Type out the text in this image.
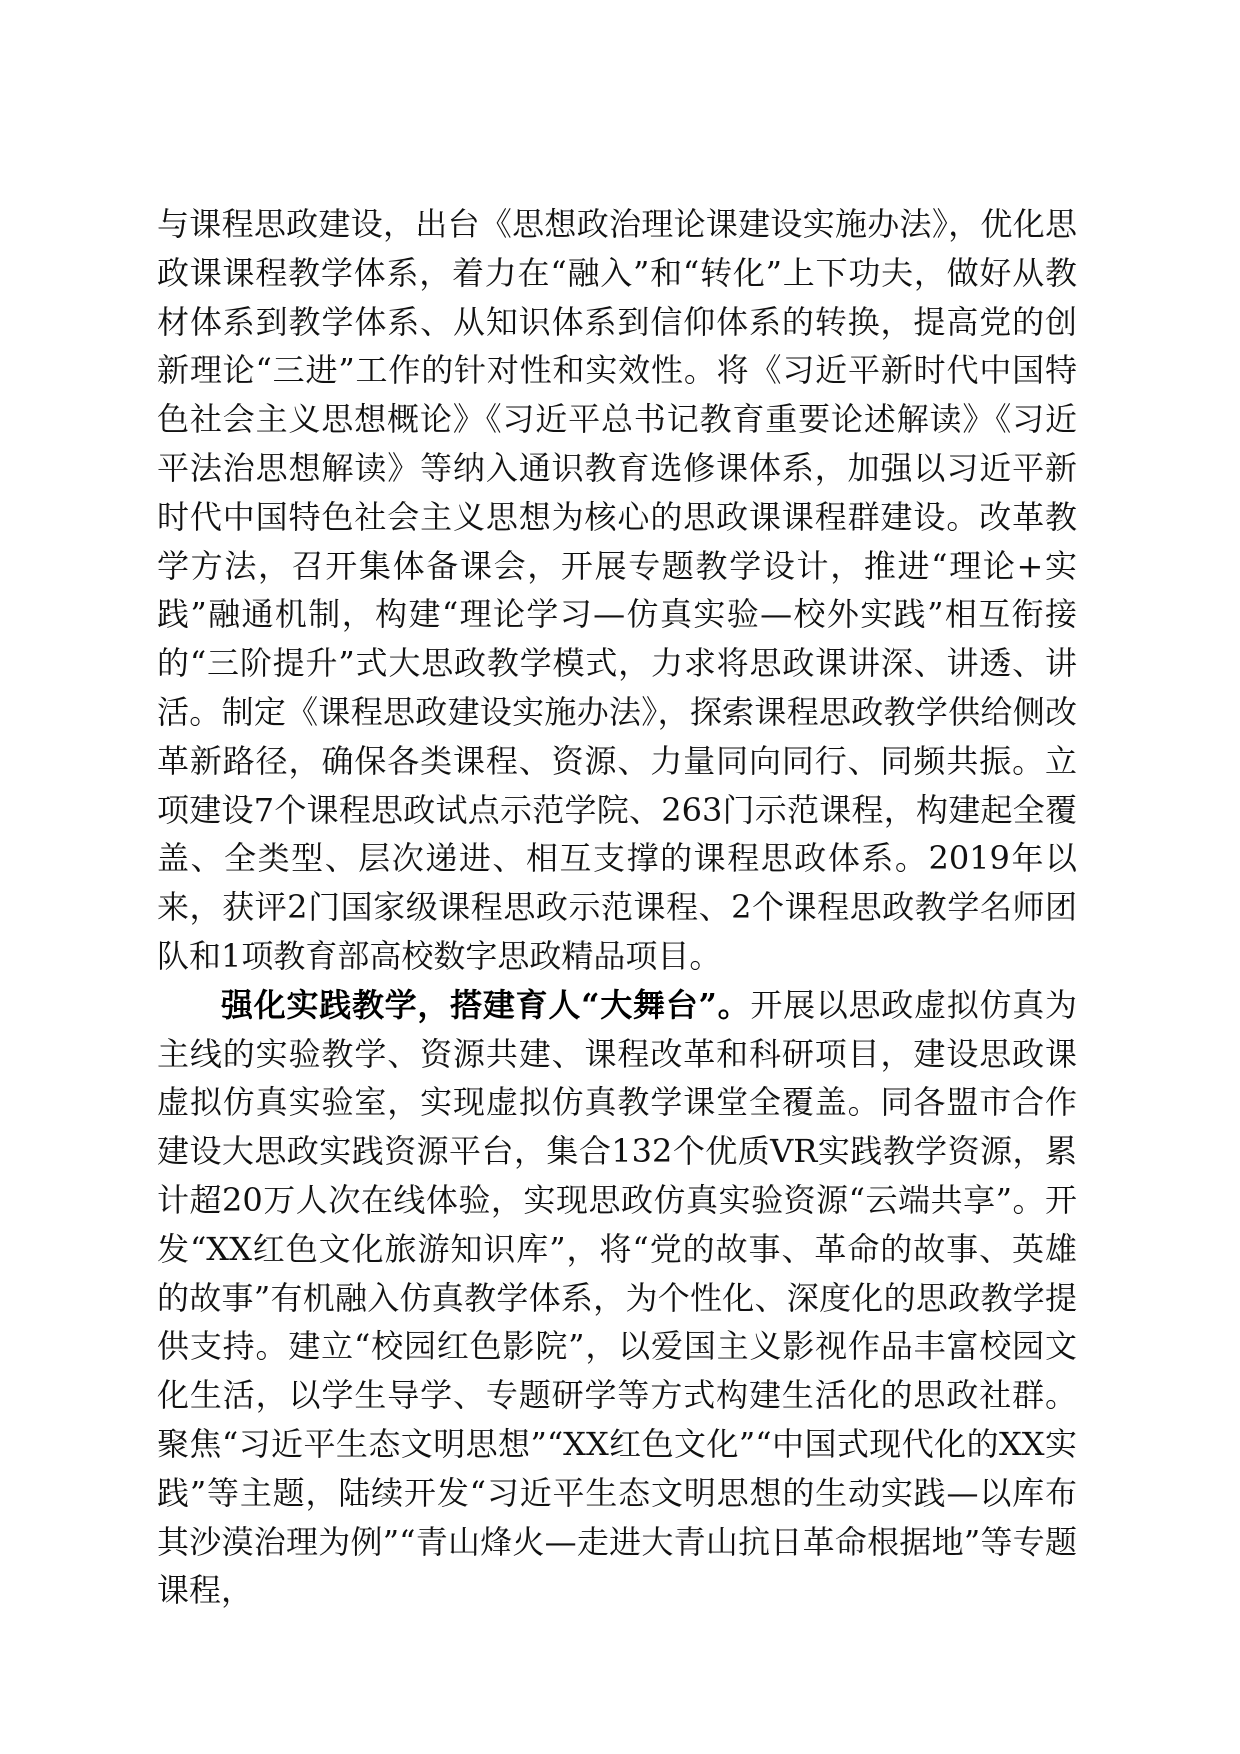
与课程思政建设，出台《思想政治理论课建设实施办法》，优化思政课课程教学体系，着力在“融入”和“转化”上下功夫，做好从教材体系到教学体系、从知识体系到信仰体系的转换，提高党的创新理论“三进”工作的针对性和实效性。将《习近平新时代中国特色社会主义思想概论》《习近平总书记教育重要论述解读》《习近平法治思想解读》等纳入通识教育选修课体系，加强以习近平新时代中国特色社会主义思想为核心的思政课课程群建设。改革教学方法，召开集体备课会，开展专题教学设计，推进“理论+实践”融通机制，构建“理论学习—仿真实验—校外实践”相互衔接的“三阶提升”式大思政教学模式，力求将思政课讲深、讲透、讲活。制定《课程思政建设实施办法》，探索课程思政教学供给侧改革新路径，确保各类课程、资源、力量同向同行、同频共振。立项建设7个课程思政试点示范学院、263门示范课程，构建起全覆盖、全类型、层次递进、相互支撑的课程思政体系。2019年以来，获评2门国家级课程思政示范课程、2个课程思政教学名师团队和1项教育部高校数字思政精品项目。

强化实践教学，搭建育人“大舞台”。开展以思政虚拟仿真为主线的实验教学、资源共建、课程改革和科研项目，建设思政课虚拟仿真实验室，实现虚拟仿真教学课堂全覆盖。同各盟市合作建设大思政实践资源平台，集合132个优质VR实践教学资源，累计超20万人次在线体验，实现思政仿真实验资源“云端共享”。开发“XX红色文化旅游知识库”，将“党的故事、革命的故事、英雄的故事”有机融入仿真教学体系，为个性化、深度化的思政教学提供支持。建立“校园红色影院”，以爱国主义影视作品丰富校园文化生活，以学生导学、专题研学等方式构建生活化的思政社群。聚焦“习近平生态文明思想”“XX红色文化”“中国式现代化的XX实践”等主题，陆续开发“习近平生态文明思想的生动实践—以库布其沙漠治理为例”“青山烽火—走进大青山抗日革命根据地”等专题课程，
